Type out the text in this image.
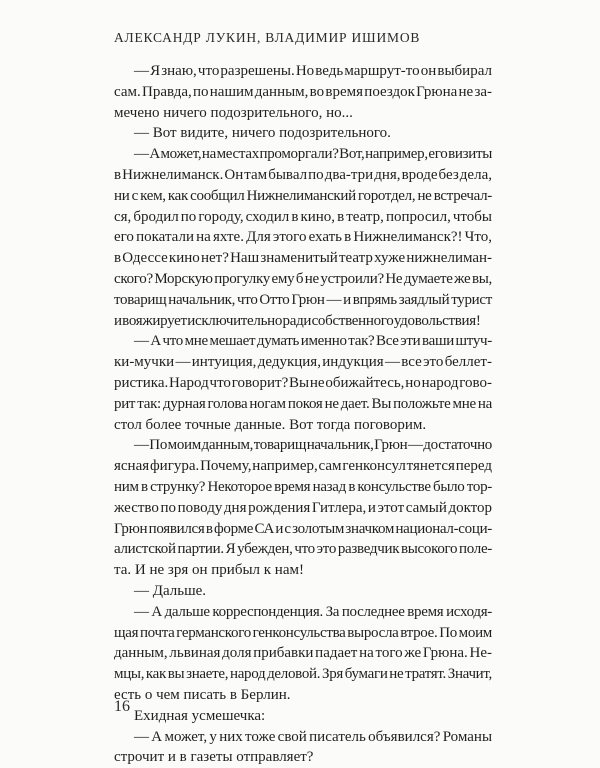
АЛЕКСАНДР ЛУКИН, ВЛАДИМИР ИШИМОВ
— Я знаю, что разрешены. Но ведь маршрут-то он выбирал
сам. Правда, по нашим данным, во время поездок Грюна не за-
мечено ничего подозрительного, но...
— Вот видите, ничего подозрительного.
— А может, на местах проморгали? Вот, например, его визиты
в Нижнелиманск. Он там бывал по два-три дня, вроде без дела,
ни с кем, как сообщил Нижнелиманский горотдел, не встречал-
ся, бродил по городу, сходил в кино, в театр, попросил, чтобы
его покатали на яхте. Для этого ехать в Нижнелиманск?! Что,
в Одессе кино нет? Наш знаменитый театр хуже нижнелиман-
ского? Морскую прогулку ему б не устроили? Не думаете же вы,
товарищ начальник, что Отто Грюн — и впрямь заядлый турист
и вояжирует исключительно ради собственного удовольствия!
— А что мне мешает думать именно так? Все эти ваши штуч-
ки-мучки — интуиция, дедукция, индукция — все это беллет-
ристика. Народ что говорит? Вы не обижайтесь, но народ гово-
рит так: дурная голова ногам покоя не дает. Вы положьте мне на
стол более точные данные. Вот тогда поговорим.
— По моим данным, товарищ начальник, Грюн — достаточно
ясная фигура. Почему, например, сам генконсул тянется перед
ним в струнку? Некоторое время назад в консульстве было тор-
жество по поводу дня рождения Гитлера, и этот самый доктор
Грюн появился в форме СА и с золотым значком национал-соци-
алистской партии. Я убежден, что это разведчик высокого поле-
та. И не зря он прибыл к нам!
— Дальше.
— А дальше корреспонденция. За последнее время исходя-
щая почта германского генконсульства выросла втрое. По моим
данным, львиная доля прибавки падает на того же Грюна. Не-
мцы, как вы знаете, народ деловой. Зря бумаги не тратят. Значит,
есть о чем писать в Берлин.
Ехидная усмешечка:
— А может, у них тоже свой писатель объявился? Романы
строчит и в газеты отправляет?
16
